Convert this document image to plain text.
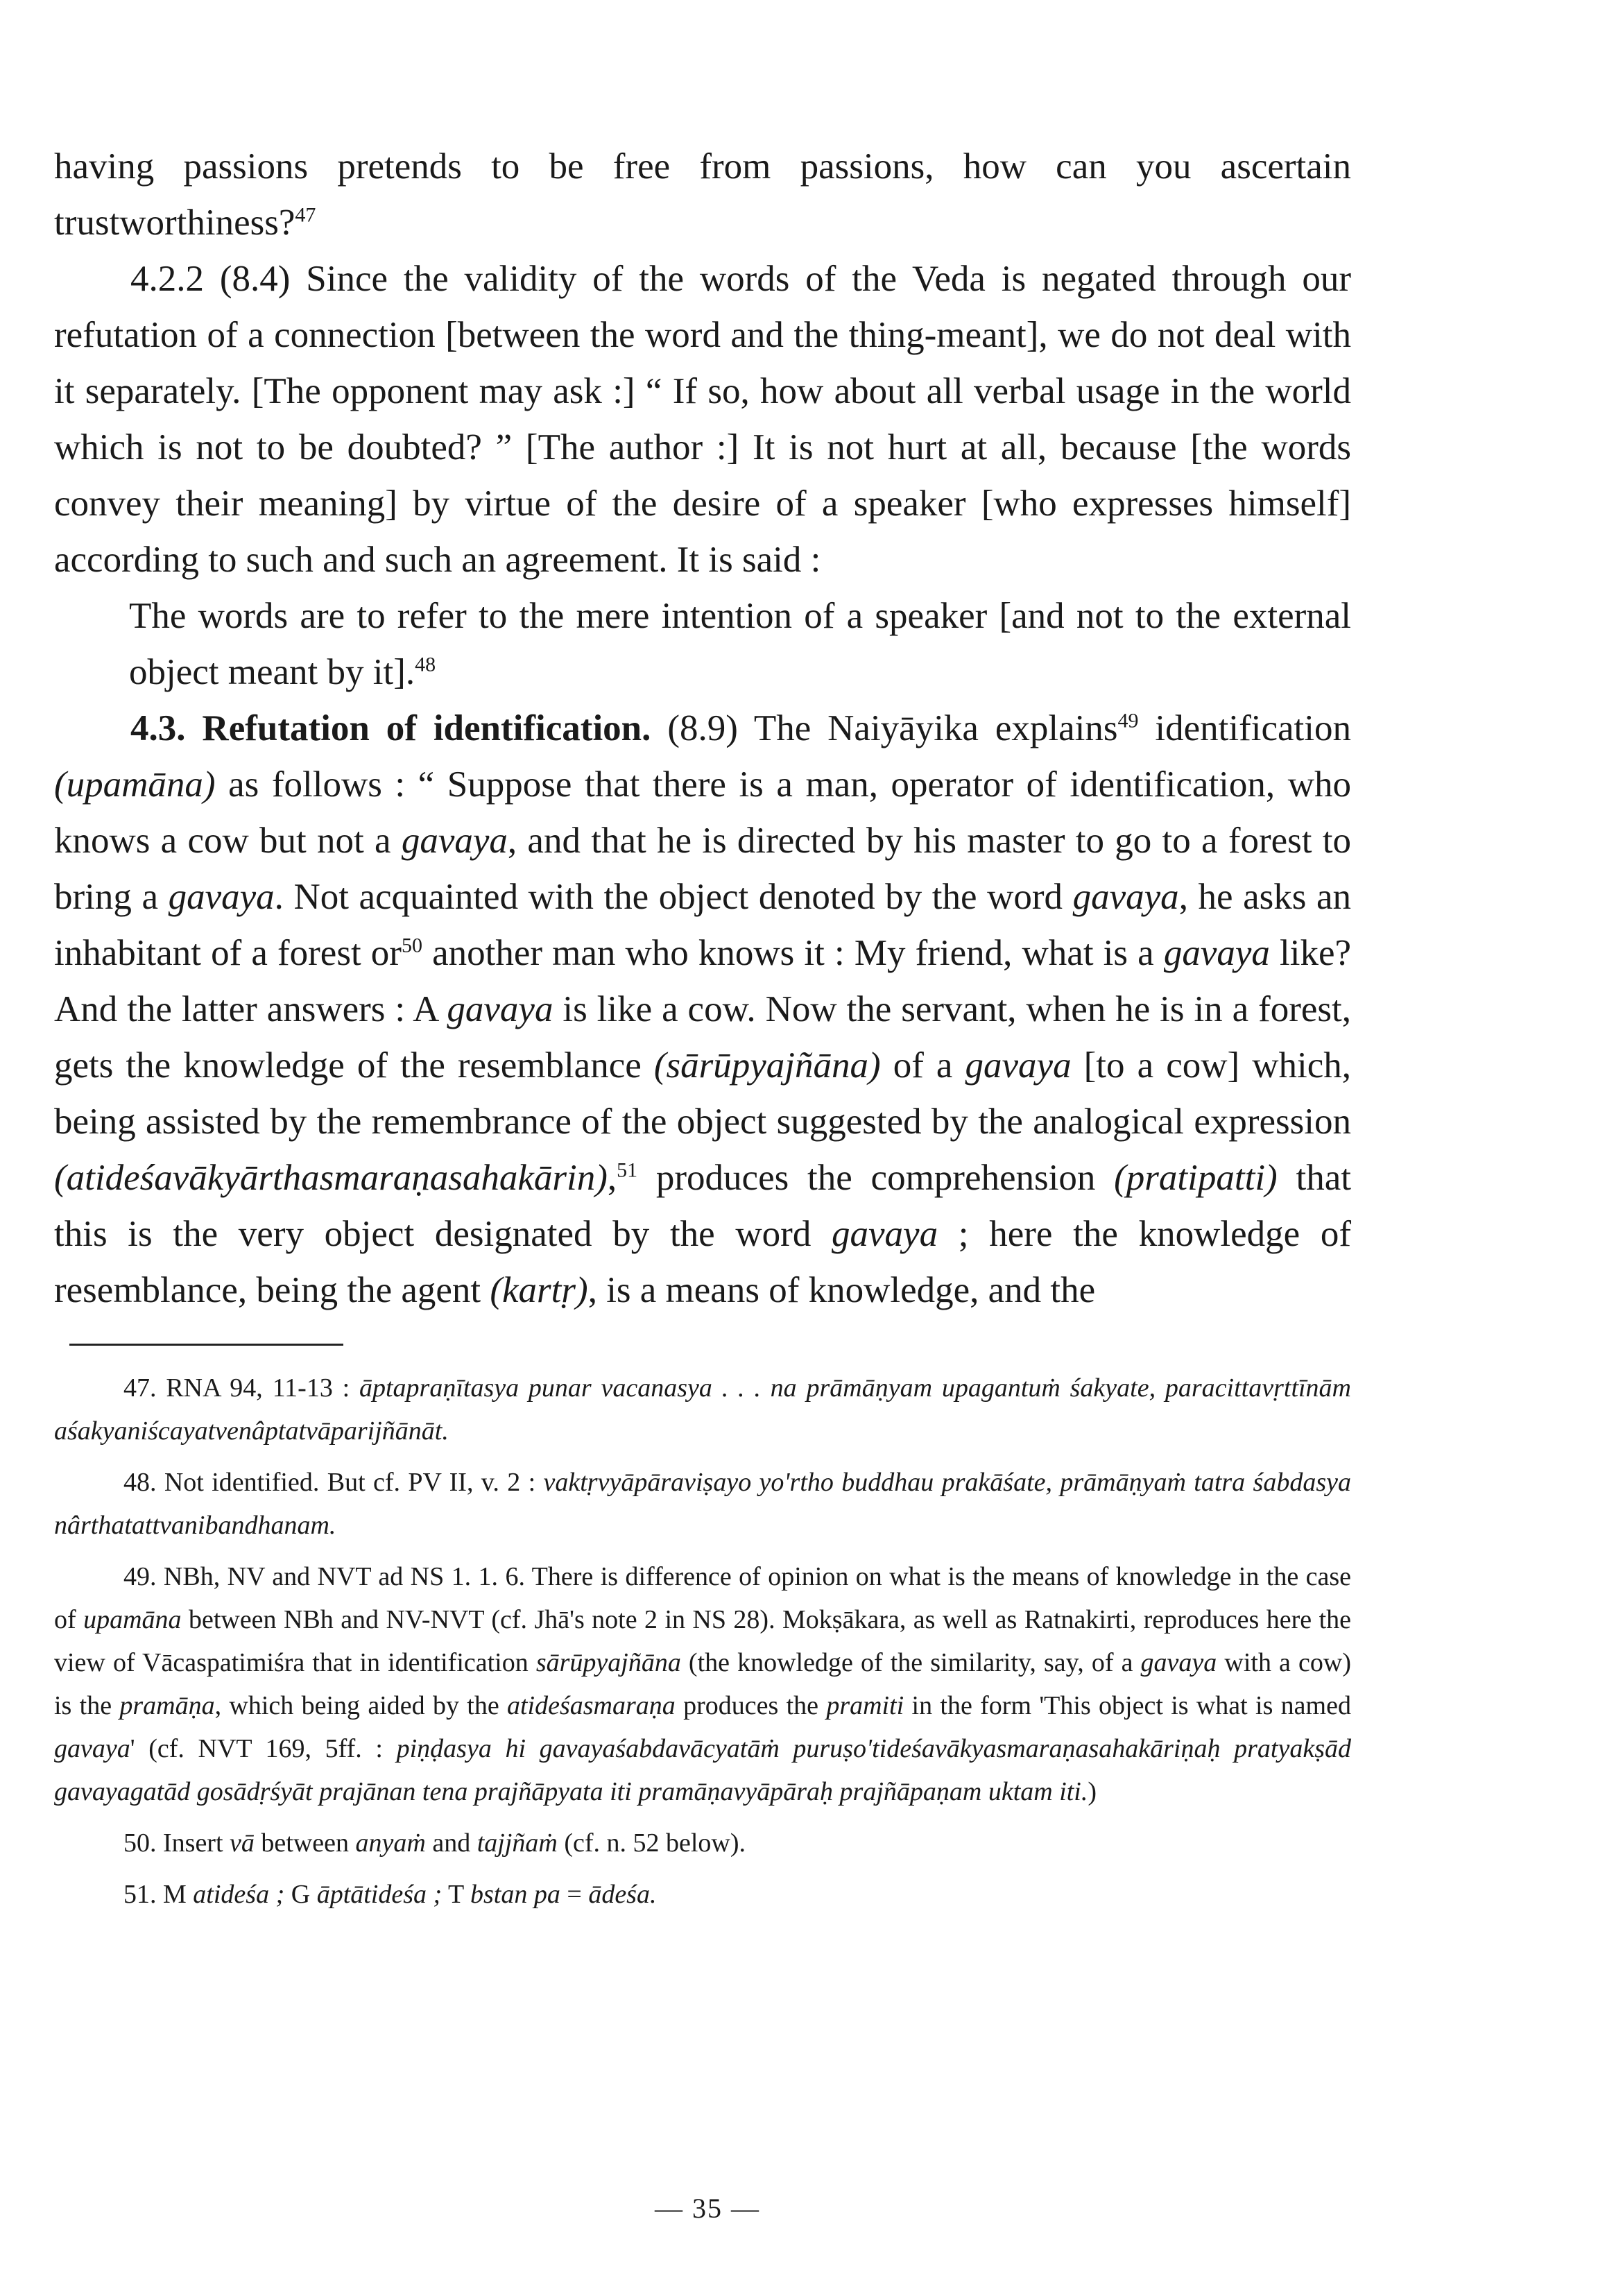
having passions pretends to be free from passions, how can you ascertain trustworthiness?$^{47}$

4.2.2 (8.4) Since the validity of the words of the Veda is negated through our refutation of a connection [between the word and the thing-meant], we do not deal with it separately. [The opponent may ask :] “ If so, how about all verbal usage in the world which is not to be doubted? ” [The author :] It is not hurt at all, because [the words convey their meaning] by virtue of the desire of a speaker [who expresses himself] according to such and such an agreement. It is said :

The words are to refer to the mere intention of a speaker [and not to the external object meant by it].$^{48}$

4.3. Refutation of identification. (8.9) The Naiyāyika explains$^{49}$ identification (upamāna) as follows : “ Suppose that there is a man, operator of identification, who knows a cow but not a gavaya, and that he is directed by his master to go to a forest to bring a gavaya. Not acquainted with the object denoted by the word gavaya, he asks an inhabitant of a forest $or^{50}$ another man who knows it : My friend, what is a gavaya like? And the latter answers : A gavaya is like a cow. Now the servant, when he is in a forest, gets the knowledge of the resemblance (sārūpyajñāna) of a gavaya [to a cow] which, being assisted by the remembrance of the object suggested by the analogical expression (atideśavākyārthasmaraṇasahakārin),$^{51}$ produces the comprehension (pratipatti) that this is the very object designated by the word gavaya ; here the knowledge of resemblance, being the agent (kartṛ), is a means of knowledge, and the

47. RNA 94, 11-13 : āptapraṇītasya punar vacanasya . . . na prāmāṇyam upagantuṁ śakyate, paracittavṛttīnām aśakyaniścayatvenâptatvāparijñānāt.

48. Not identified. But cf. PV II, v. 2 : vaktṛvyāpāraviṣayo yo'rtho buddhau prakāśate, prāmāṇyaṁ tatra śabdasya nârthatattvanibandhanam.

49. NBh, NV and NVT ad NS 1. 1. 6. There is difference of opinion on what is the means of knowledge in the case of upamāna between NBh and NV-NVT (cf. Jhā's note 2 in NS 28). Mokṣākara, as well as Ratnakirti, reproduces here the view of Vācaspatimiśra that in identification sārūpyajñāna (the knowledge of the similarity, say, of a gavaya with a cow) is the pramāṇa, which being aided by the atideśasmaraṇa produces the pramiti in the form 'This object is what is named gavaya' (cf. NVT 169, 5ff. : piṇḍasya hi gavayaśabdavācyatāṁ puruṣo'tideśavākyasmaraṇasahakāriṇaḥ pratyakṣād gavayagatād gosādṛśyāt prajānan tena prajñāpyata iti pramāṇavyāpāraḥ prajñāpaṇam uktam iti.)

50. Insert vā between anyaṁ and tajjñaṁ (cf. n. 52 below).

51. M atideśa ; G āptātideśa ; T bstan pa = ādeśa.

— 35 —
